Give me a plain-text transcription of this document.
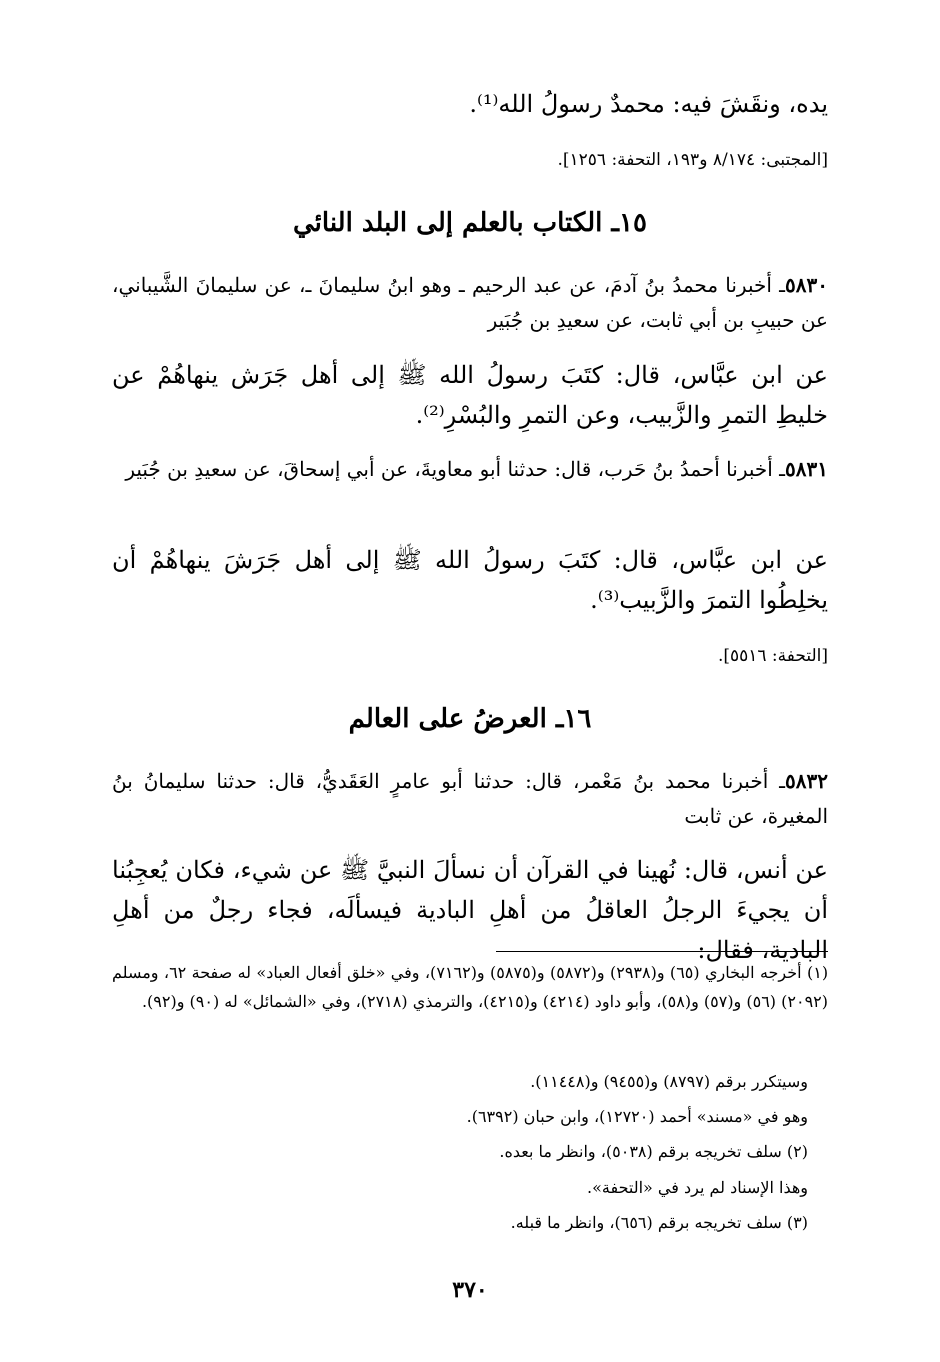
يده، ونقَشَ فيه: محمدٌ رسولُ الله⁽¹⁾.
[المجتبى: ٨/١٧٤ و١٩٣، التحفة: ١٢٥٦].
١٥ـ الكتاب بالعلم إلى البلد النائي
٥٨٣٠ـ أخبرنا محمدُ بنُ آدمَ، عن عبد الرحيم ـ وهو ابنُ سليمانَ ـ، عن سليمانَ الشَّيباني، عن حبيبِ بن أبي ثابت، عن سعيدِ بن جُبَير
عن ابن عبَّاس، قال: كتَبَ رسولُ الله ﷺ إلى أهل جَرَش ينهاهُمْ عن خليطِ التمرِ والزَّبيب، وعن التمرِ والبُسْرِ⁽²⁾.
٥٨٣١ـ أخبرنا أحمدُ بنُ حَرب، قال: حدثنا أبو معاويةَ، عن أبي إسحاقَ، عن سعيدِ بن جُبَير
عن ابن عبَّاس، قال: كتَبَ رسولُ الله ﷺ إلى أهل جَرَشَ ينهاهُمْ أن يخلِطُوا التمرَ والزَّبيب⁽³⁾.
[التحفة: ٥٥١٦].
١٦ـ العرضُ على العالم
٥٨٣٢ـ أخبرنا محمد بنُ مَعْمر، قال: حدثنا أبو عامرٍ العَقَديُّ، قال: حدثنا سليمانُ بنُ المغيرة، عن ثابت
عن أنس، قال: نُهينا في القرآن أن نسألَ النبيَّ ﷺ عن شيء، فكان يُعجِبُنا أن يجيءَ الرجلُ العاقلُ من أهلِ البادية فيسألَه، فجاء رجلٌ من أهلِ البادية، فقال:
(١) أخرجه البخاري (٦٥) و(٢٩٣٨) و(٥٨٧٢) و(٥٨٧٥) و(٧١٦٢)، وفي «خلق أفعال العباد» له صفحة ٦٢، ومسلم (٢٠٩٢) (٥٦) و(٥٧) و(٥٨)، وأبو داود (٤٢١٤) و(٤٢١٥)، والترمذي (٢٧١٨)، وفي «الشمائل» له (٩٠) و(٩٢).
وسيتكرر برقم (٨٧٩٧) و(٩٤٥٥) و(١١٤٤٨).
وهو في «مسند» أحمد (١٢٧٢٠)، وابن حبان (٦٣٩٢).
(٢) سلف تخريجه برقم (٥٠٣٨)، وانظر ما بعده.
وهذا الإسناد لم يرد في «التحفة».
(٣) سلف تخريجه برقم (٦٥٦)، وانظر ما قبله.
٣٧٠
